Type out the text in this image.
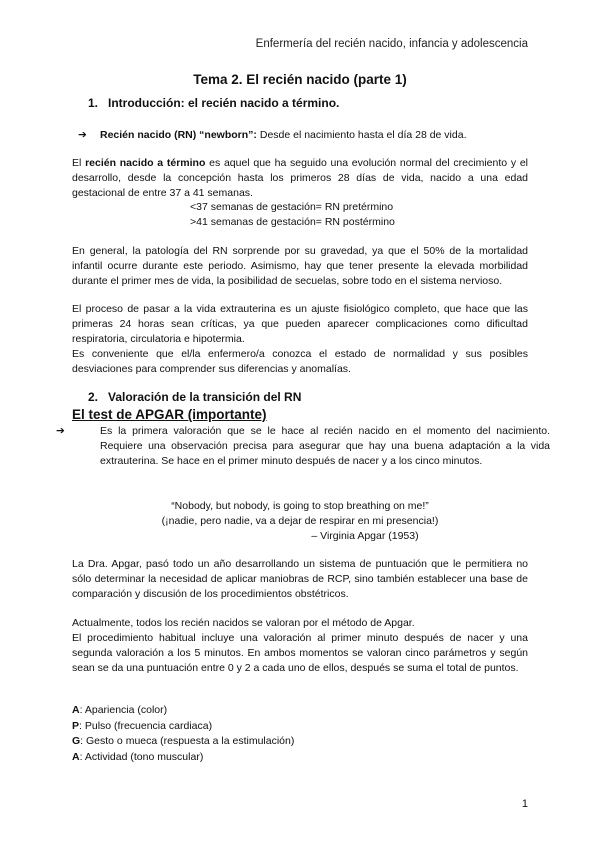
Enfermería del recién nacido, infancia y adolescencia
Tema 2. El recién nacido (parte 1)
1. Introducción: el recién nacido a término.
➔ Recién nacido (RN) “newborn”: Desde el nacimiento hasta el día 28 de vida.
El recién nacido a término es aquel que ha seguido una evolución normal del crecimiento y el desarrollo, desde la concepción hasta los primeros 28 días de vida, nacido a una edad gestacional de entre 37 a 41 semanas.
<37 semanas de gestación= RN pretérmino
>41 semanas de gestación= RN postérmino
En general, la patología del RN sorprende por su gravedad, ya que el 50% de la mortalidad infantil ocurre durante este periodo. Asimismo, hay que tener presente la elevada morbilidad durante el primer mes de vida, la posibilidad de secuelas, sobre todo en el sistema nervioso.
El proceso de pasar a la vida extrauterina es un ajuste fisiológico completo, que hace que las primeras 24 horas sean críticas, ya que pueden aparecer complicaciones como dificultad respiratoria, circulatoria e hipotermia.
Es conveniente que el/la enfermero/a conozca el estado de normalidad y sus posibles desviaciones para comprender sus diferencias y anomalías.
2. Valoración de la transición del RN
El test de APGAR (importante)
➔	Es la primera valoración que se le hace al recién nacido en el momento del nacimiento. Requiere una observación precisa para asegurar que hay una buena adaptación a la vida extrauterina. Se hace en el primer minuto después de nacer y a los cinco minutos.
“Nobody, but nobody, is going to stop breathing on me!”
(¡nadie, pero nadie, va a dejar de respirar en mi presencia!)
– Virginia Apgar (1953)
La Dra. Apgar, pasó todo un año desarrollando un sistema de puntuación que le permitiera no sólo determinar la necesidad de aplicar maniobras de RCP, sino también establecer una base de comparación y discusión de los procedimientos obstétricos.
Actualmente, todos los recién nacidos se valoran por el método de Apgar.
El procedimiento habitual incluye una valoración al primer minuto después de nacer y una segunda valoración a los 5 minutos. En ambos momentos se valoran cinco parámetros y según sean se da una puntuación entre 0 y 2 a cada uno de ellos, después se suma el total de puntos.
A: Apariencia (color)
P: Pulso (frecuencia cardiaca)
G: Gesto o mueca (respuesta a la estimulación)
A: Actividad (tono muscular)
1
